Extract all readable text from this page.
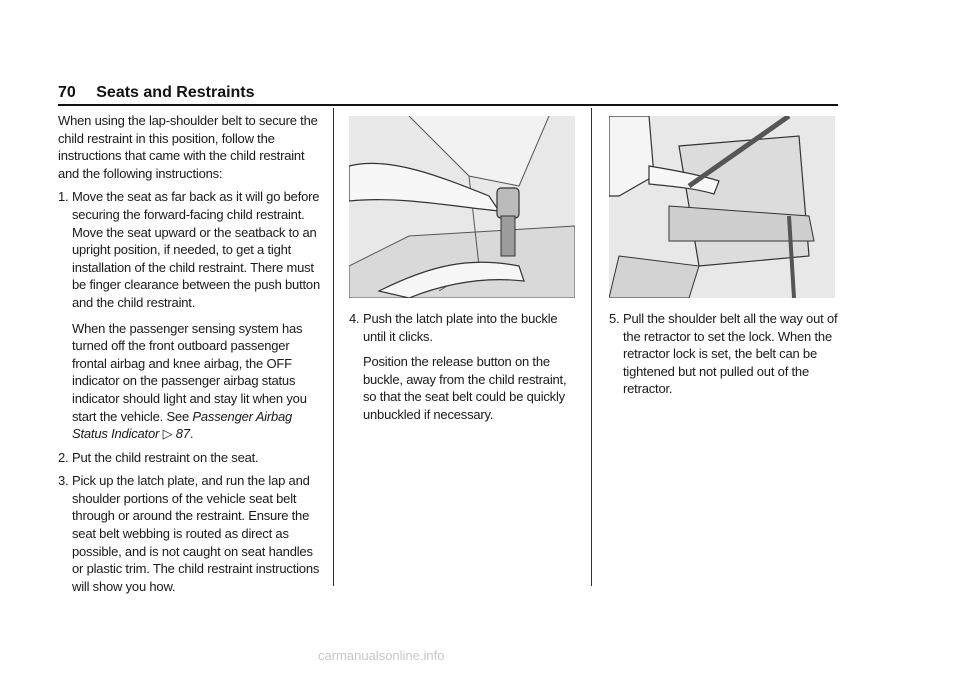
70 Seats and Restraints

When using the lap-shoulder belt to secure the child restraint in this position, follow the instructions that came with the child restraint and the following instructions:

1. Move the seat as far back as it will go before securing the forward-facing child restraint. Move the seat upward or the seatback to an upright position, if needed, to get a tight installation of the child restraint. There must be finger clearance between the push button and the child restraint.

When the passenger sensing system has turned off the front outboard passenger frontal airbag and knee airbag, the OFF indicator on the passenger airbag status indicator should light and stay lit when you start the vehicle. See Passenger Airbag Status Indicator ▷ 87.

2. Put the child restraint on the seat.

3. Pick up the latch plate, and run the lap and shoulder portions of the vehicle seat belt through or around the restraint. Ensure the seat belt webbing is routed as direct as possible, and is not caught on seat handles or plastic trim. The child restraint instructions will show you how.

4. Push the latch plate into the buckle until it clicks.

Position the release button on the buckle, away from the child restraint, so that the seat belt could be quickly unbuckled if necessary.

5. Pull the shoulder belt all the way out of the retractor to set the lock. When the retractor lock is set, the belt can be tightened but not pulled out of the retractor.

carmanualsonline.info
